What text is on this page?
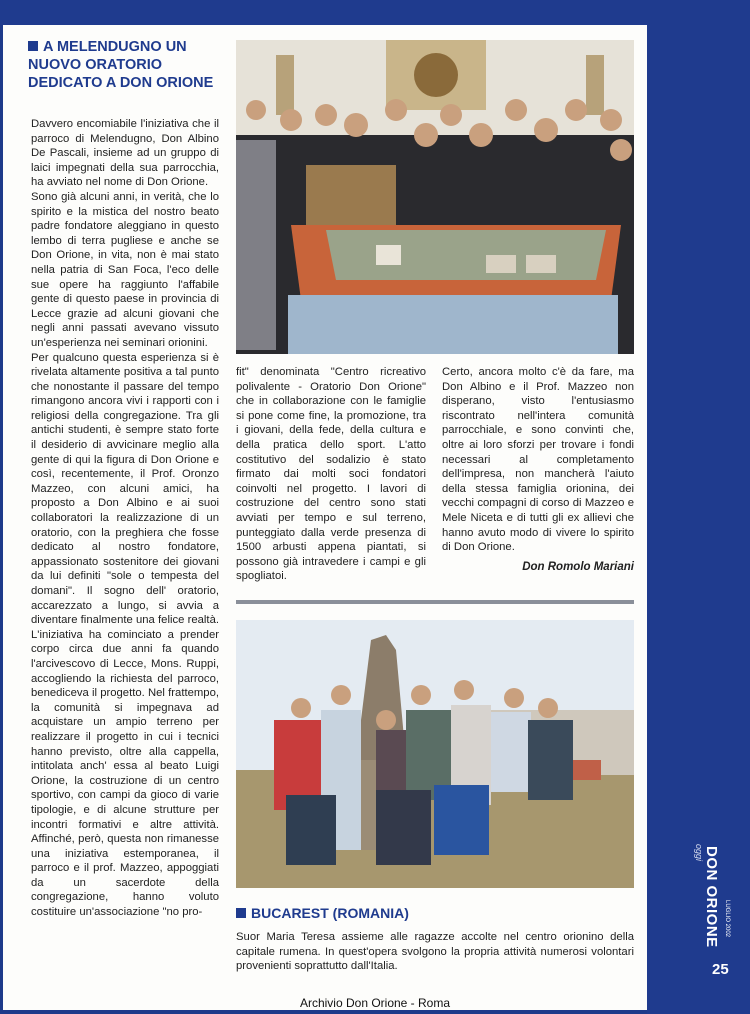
A MELENDUGNO UN NUOVO ORATORIO DEDICATO A DON ORIONE

Davvero encomiabile l'iniziativa che il parroco di Melendugno, Don Albino De Pascali, insieme ad un gruppo di laici impegnati della sua parrocchia, ha avviato nel nome di Don Orione.

Sono già alcuni anni, in verità, che lo spirito e la mistica del nostro beato padre fondatore aleggiano in questo lembo di terra pugliese e anche se Don Orione, in vita, non è mai stato nella patria di San Foca, l'eco delle sue opere ha raggiunto l'affabile gente di questo paese in provincia di Lecce grazie ad alcuni giovani che negli anni passati avevano vissuto un'esperienza nei seminari orionini.

Per qualcuno questa esperienza si è rivelata altamente positiva a tal punto che nonostante il passare del tempo rimangono ancora vivi i rapporti con i religiosi della congregazione. Tra gli antichi studenti, è sempre stato forte il desiderio di avvicinare meglio alla gente di qui la figura di Don Orione e così, recentemente, il Prof. Oronzo Mazzeo, con alcuni amici, ha proposto a Don Albino e ai suoi collaboratori la realizzazione di un oratorio, con la preghiera che fosse dedicato al nostro fondatore, appassionato sostenitore dei giovani da lui definiti "sole o tempesta del domani". Il sogno dell' oratorio, accarezzato a lungo, si avvia a diventare finalmente una felice realtà. L'iniziativa ha cominciato a prender corpo circa due anni fa quando l'arcivescovo di Lecce, Mons. Ruppi, accogliendo la richiesta del parroco, benediceva il progetto. Nel frattempo, la comunità si impegnava ad acquistare un ampio terreno per realizzare il progetto in cui i tecnici hanno previsto, oltre alla cappella, intitolata anch' essa al beato Luigi Orione, la costruzione di un centro sportivo, con campi da gioco di varie tipologie, e di alcune strutture per incontri formativi e altre attività. Affinché, però, questa non rimanesse una iniziativa estemporanea, il parroco e il prof. Mazzeo, appoggiati da un sacerdote della congregazione, hanno voluto costituire un'associazione "no pro-

fit" denominata "Centro ricreativo polivalente - Oratorio Don Orione" che in collaborazione con le famiglie si pone come fine, la promozione, tra i giovani, della fede, della cultura e della pratica dello sport. L'atto costitutivo del sodalizio è stato firmato dai molti soci fondatori coinvolti nel progetto. I lavori di costruzione del centro sono stati avviati per tempo e sul terreno, punteggiato dalla verde presenza di 1500 arbusti appena piantati, si possono già intravedere i campi e gli spogliatoi.

Certo, ancora molto c'è da fare, ma Don Albino e il Prof. Mazzeo non disperano, visto l'entusiasmo riscontrato nell'intera comunità parrocchiale, e sono convinti che, oltre ai loro sforzi per trovare i fondi necessari al completamento dell'impresa, non mancherà l'aiuto della stessa famiglia orionina, dei vecchi compagni di corso di Mazzeo e Mele Niceta e di tutti gli ex allievi che hanno avuto modo di vivere lo spirito di Don Orione.

Don Romolo Mariani
BUCAREST (ROMANIA)
Suor Maria Teresa assieme alle ragazze accolte nel centro orionino della capitale rumena. In quest'opera svolgono la propria attività numerosi volontari provenienti soprattutto dall'Italia.
DON ORIONE
oggi
LUGLIO 2002
25
Archivio Don Orione - Roma
